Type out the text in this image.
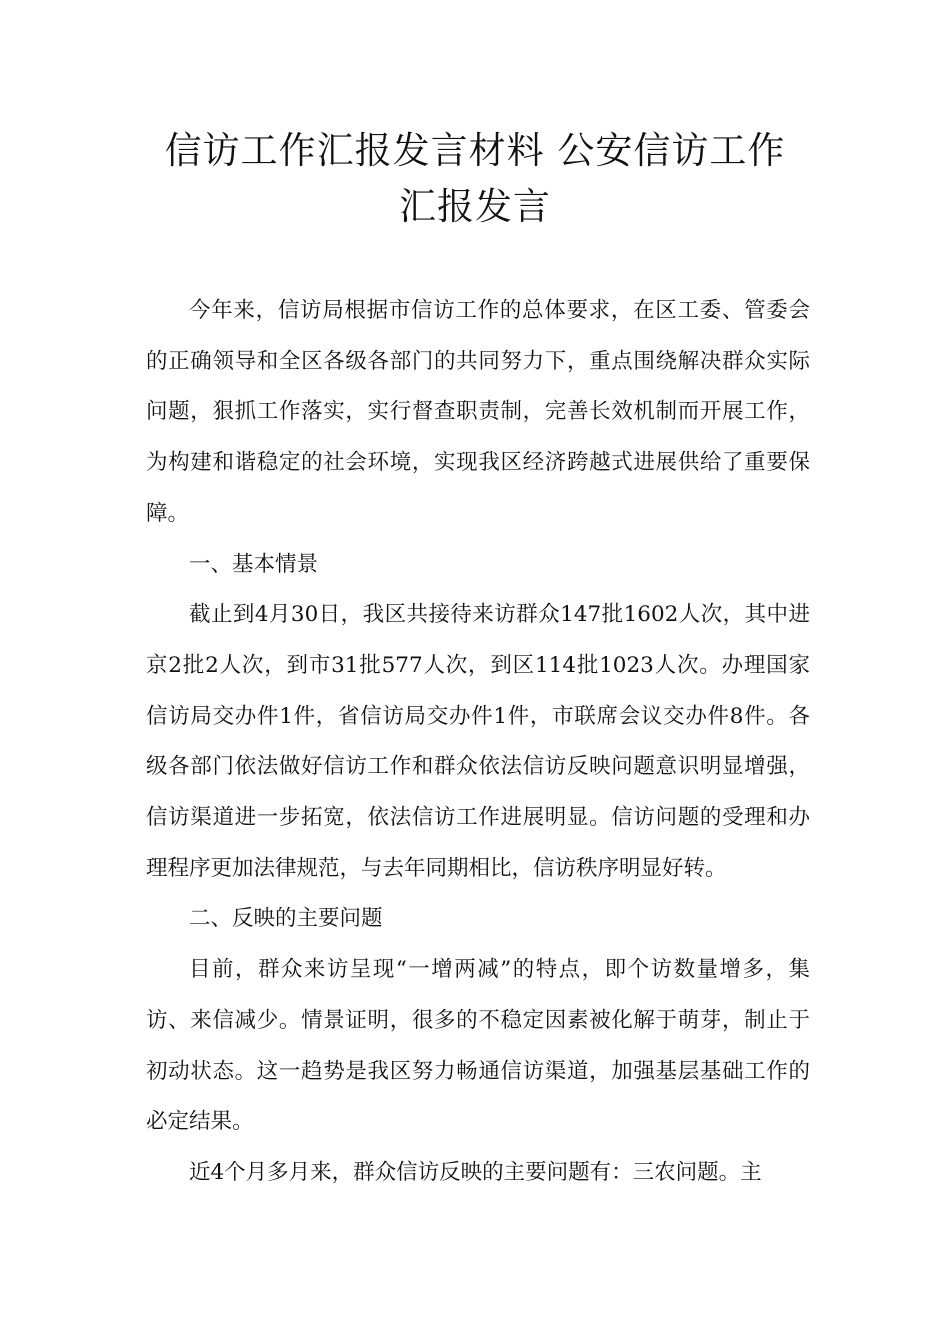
信访工作汇报发言材料 公安信访工作
汇报发言

今年来，信访局根据市信访工作的总体要求，在区工委、管委会的正确领导和全区各级各部门的共同努力下，重点围绕解决群众实际问题，狠抓工作落实，实行督查职责制，完善长效机制而开展工作，为构建和谐稳定的社会环境，实现我区经济跨越式进展供给了重要保障。

一、基本情景

截止到4月30日，我区共接待来访群众147批1602人次，其中进京2批2人次，到市31批577人次，到区114批1023人次。办理国家信访局交办件1件，省信访局交办件1件，市联席会议交办件8件。各级各部门依法做好信访工作和群众依法信访反映问题意识明显增强，信访渠道进一步拓宽，依法信访工作进展明显。信访问题的受理和办理程序更加法律规范，与去年同期相比，信访秩序明显好转。

二、反映的主要问题

目前，群众来访呈现“一增两减”的特点，即个访数量增多，集访、来信减少。情景证明，很多的不稳定因素被化解于萌芽，制止于初动状态。这一趋势是我区努力畅通信访渠道，加强基层基础工作的必定结果。

近4个月多月来，群众信访反映的主要问题有：三农问题。主
